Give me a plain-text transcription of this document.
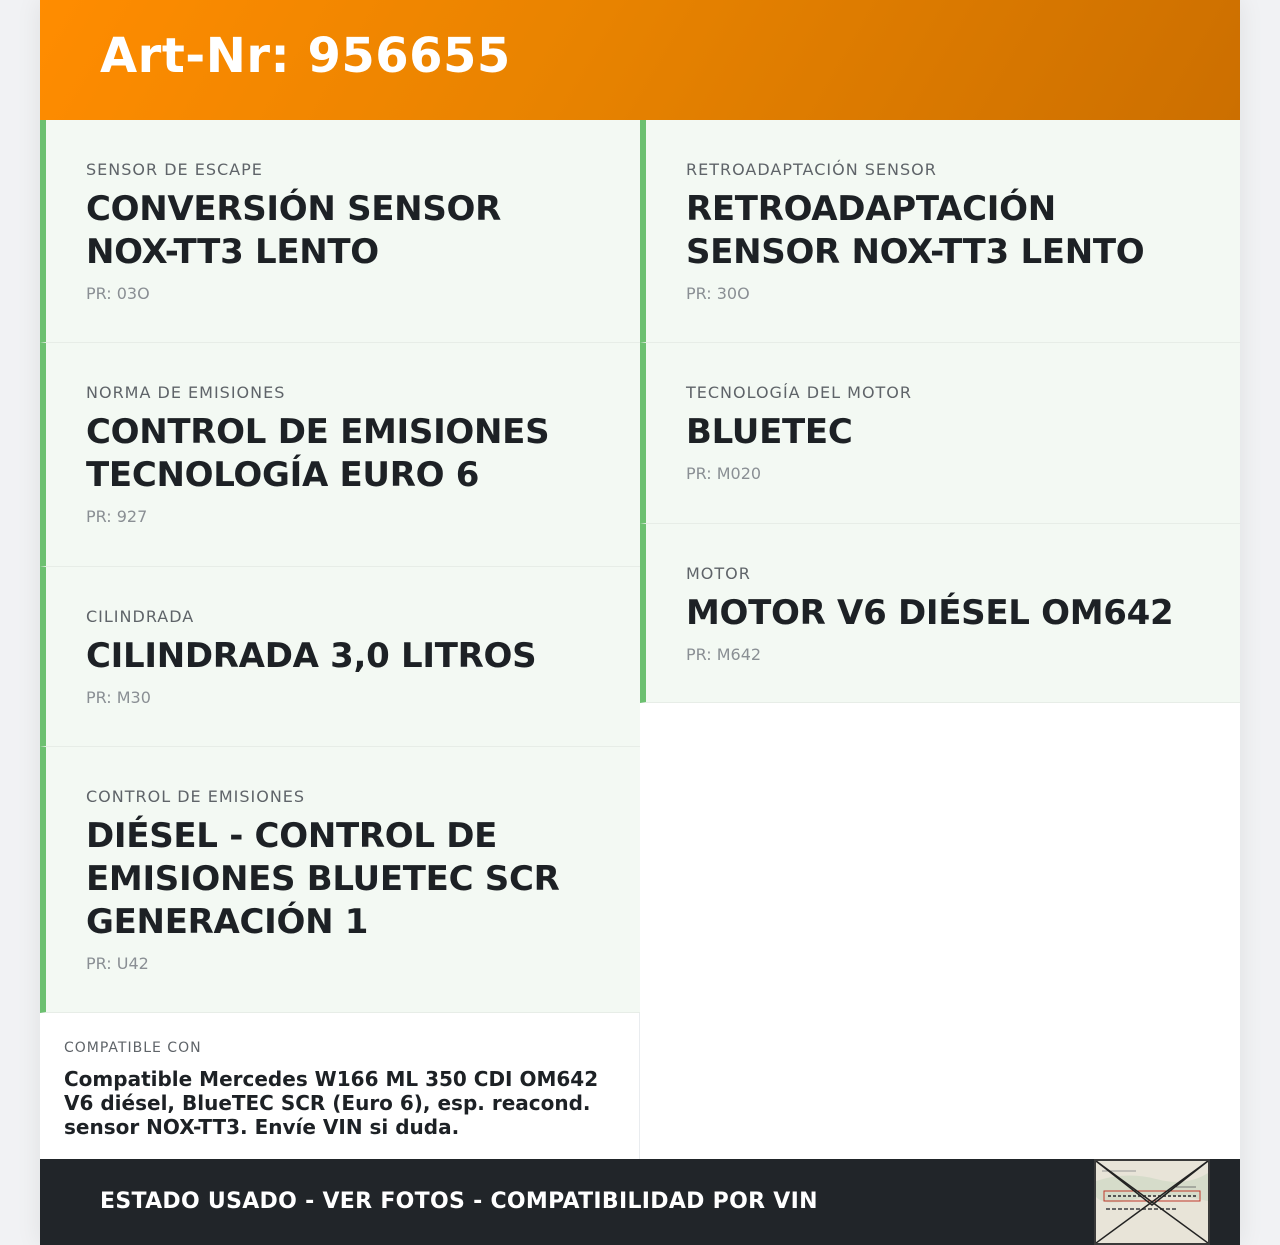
Art-Nr: 956655
SENSOR DE ESCAPE
CONVERSIÓN SENSOR NOX-TT3 LENTO
PR: 03O
NORMA DE EMISIONES
CONTROL DE EMISIONES TECNOLOGÍA EURO 6
PR: 927
CILINDRADA
CILINDRADA 3,0 LITROS
PR: M30
CONTROL DE EMISIONES
DIÉSEL - CONTROL DE EMISIONES BLUETEC SCR GENERACIÓN 1
PR: U42
RETROADAPTACIÓN SENSOR
RETROADAPTACIÓN SENSOR NOX-TT3 LENTO
PR: 30O
TECNOLOGÍA DEL MOTOR
BLUETEC
PR: M020
MOTOR
MOTOR V6 DIÉSEL OM642
PR: M642
COMPATIBLE CON
Compatible Mercedes W166 ML 350 CDI OM642 V6 diésel, BlueTEC SCR (Euro 6), esp. reacond. sensor NOX-TT3. Envíe VIN si duda.
ESTADO USADO - VER FOTOS - COMPATIBILIDAD POR VIN
